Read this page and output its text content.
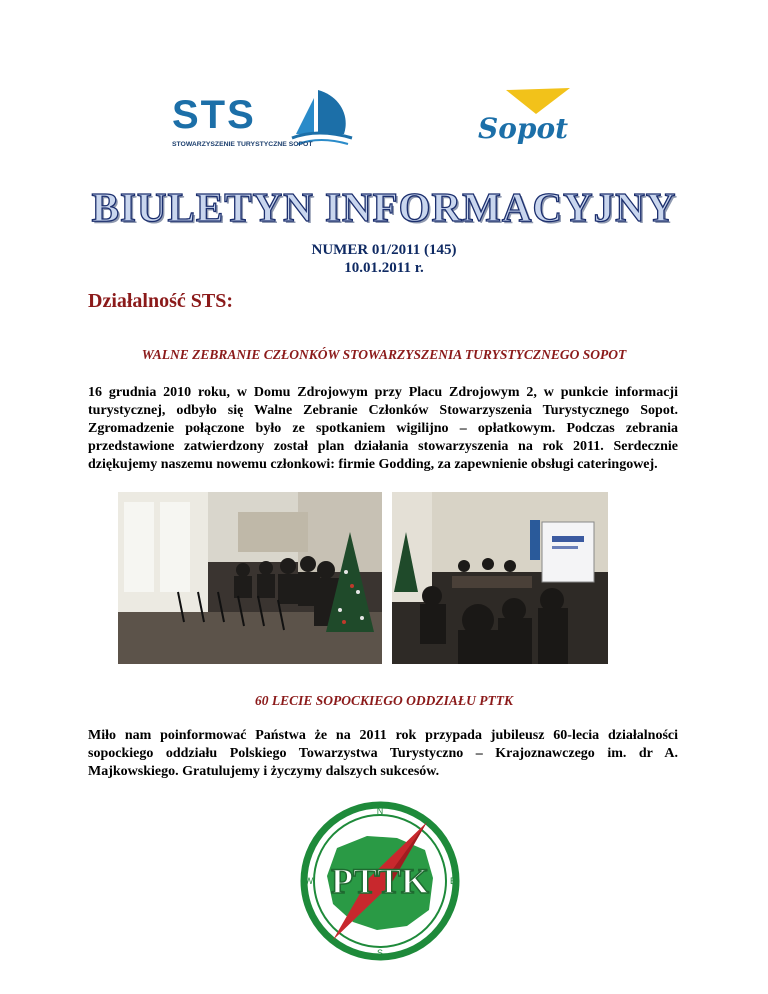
STS
STOWARZYSZENIE TURYSTYCZNE SOPOT	Sopot
BIULETYN INFORMACYJNY
NUMER 01/2011 (145)
10.01.2011 r.
Działalność STS:
WALNE ZEBRANIE CZŁONKÓW STOWARZYSZENIA TURYSTYCZNEGO SOPOT
16 grudnia 2010 roku, w Domu Zdrojowym przy Placu Zdrojowym 2, w punkcie informacji turystycznej, odbyło się Walne Zebranie Członków Stowarzyszenia Turystycznego Sopot. Zgromadzenie połączone było ze spotkaniem wigilijno – opłatkowym. Podczas zebrania przedstawione zatwierdzony został plan działania stowarzyszenia na rok 2011. Serdecznie dziękujemy naszemu nowemu członkowi: firmie Godding, za zapewnienie obsługi cateringowej.
60 LECIE SOPOCKIEGO ODDZIAŁU PTTK
Miło nam poinformować Państwa że na 2011 rok przypada jubileusz 60-lecia działalności sopockiego oddziału Polskiego Towarzystwa Turystyczno – Krajoznawczego im. dr A. Majkowskiego. Gratulujemy i życzymy dalszych sukcesów.
PTTK
N
E
S
W
